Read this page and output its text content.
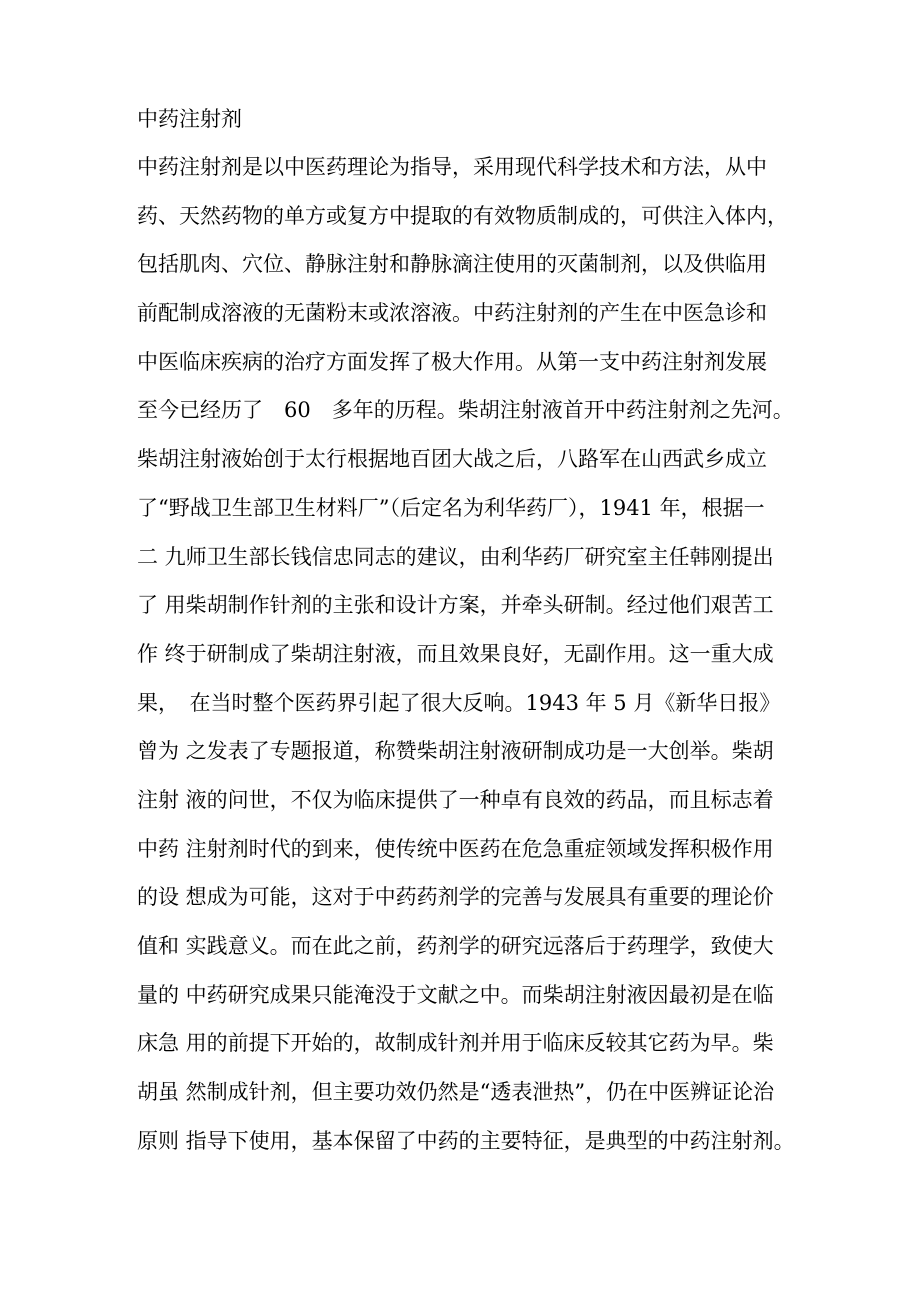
中药注射剂
中药注射剂是以中医药理论为指导，采用现代科学技术和方法，从中
药、天然药物的单方或复方中提取的有效物质制成的，可供注入体内，
包括肌肉、穴位、静脉注射和静脉滴注使用的灭菌制剂，以及供临用
前配制成溶液的无菌粉末或浓溶液。中药注射剂的产生在中医急诊和
中医临床疾病的治疗方面发挥了极大作用。从第一支中药注射剂发展
至今已经历了　60　多年的历程。柴胡注射液首开中药注射剂之先河。
柴胡注射液始创于太行根据地百团大战之后，八路军在山西武乡成立
了“野战卫生部卫生材料厂”（后定名为利华药厂），1941 年，根据一
二 九师卫生部长钱信忠同志的建议，由利华药厂研究室主任韩刚提出
了 用柴胡制作针剂的主张和设计方案，并牵头研制。经过他们艰苦工
作 终于研制成了柴胡注射液，而且效果良好，无副作用。这一重大成
果，　在当时整个医药界引起了很大反响。1943 年 5 月《新华日报》
曾为 之发表了专题报道，称赞柴胡注射液研制成功是一大创举。柴胡
注射 液的问世，不仅为临床提供了一种卓有良效的药品，而且标志着
中药 注射剂时代的到来，使传统中医药在危急重症领域发挥积极作用
的设 想成为可能，这对于中药药剂学的完善与发展具有重要的理论价
值和 实践意义。而在此之前，药剂学的研究远落后于药理学，致使大
量的 中药研究成果只能淹没于文献之中。而柴胡注射液因最初是在临
床急 用的前提下开始的，故制成针剂并用于临床反较其它药为早。柴
胡虽 然制成针剂，但主要功效仍然是“透表泄热”，仍在中医辨证论治
原则 指导下使用，基本保留了中药的主要特征，是典型的中药注射剂。
